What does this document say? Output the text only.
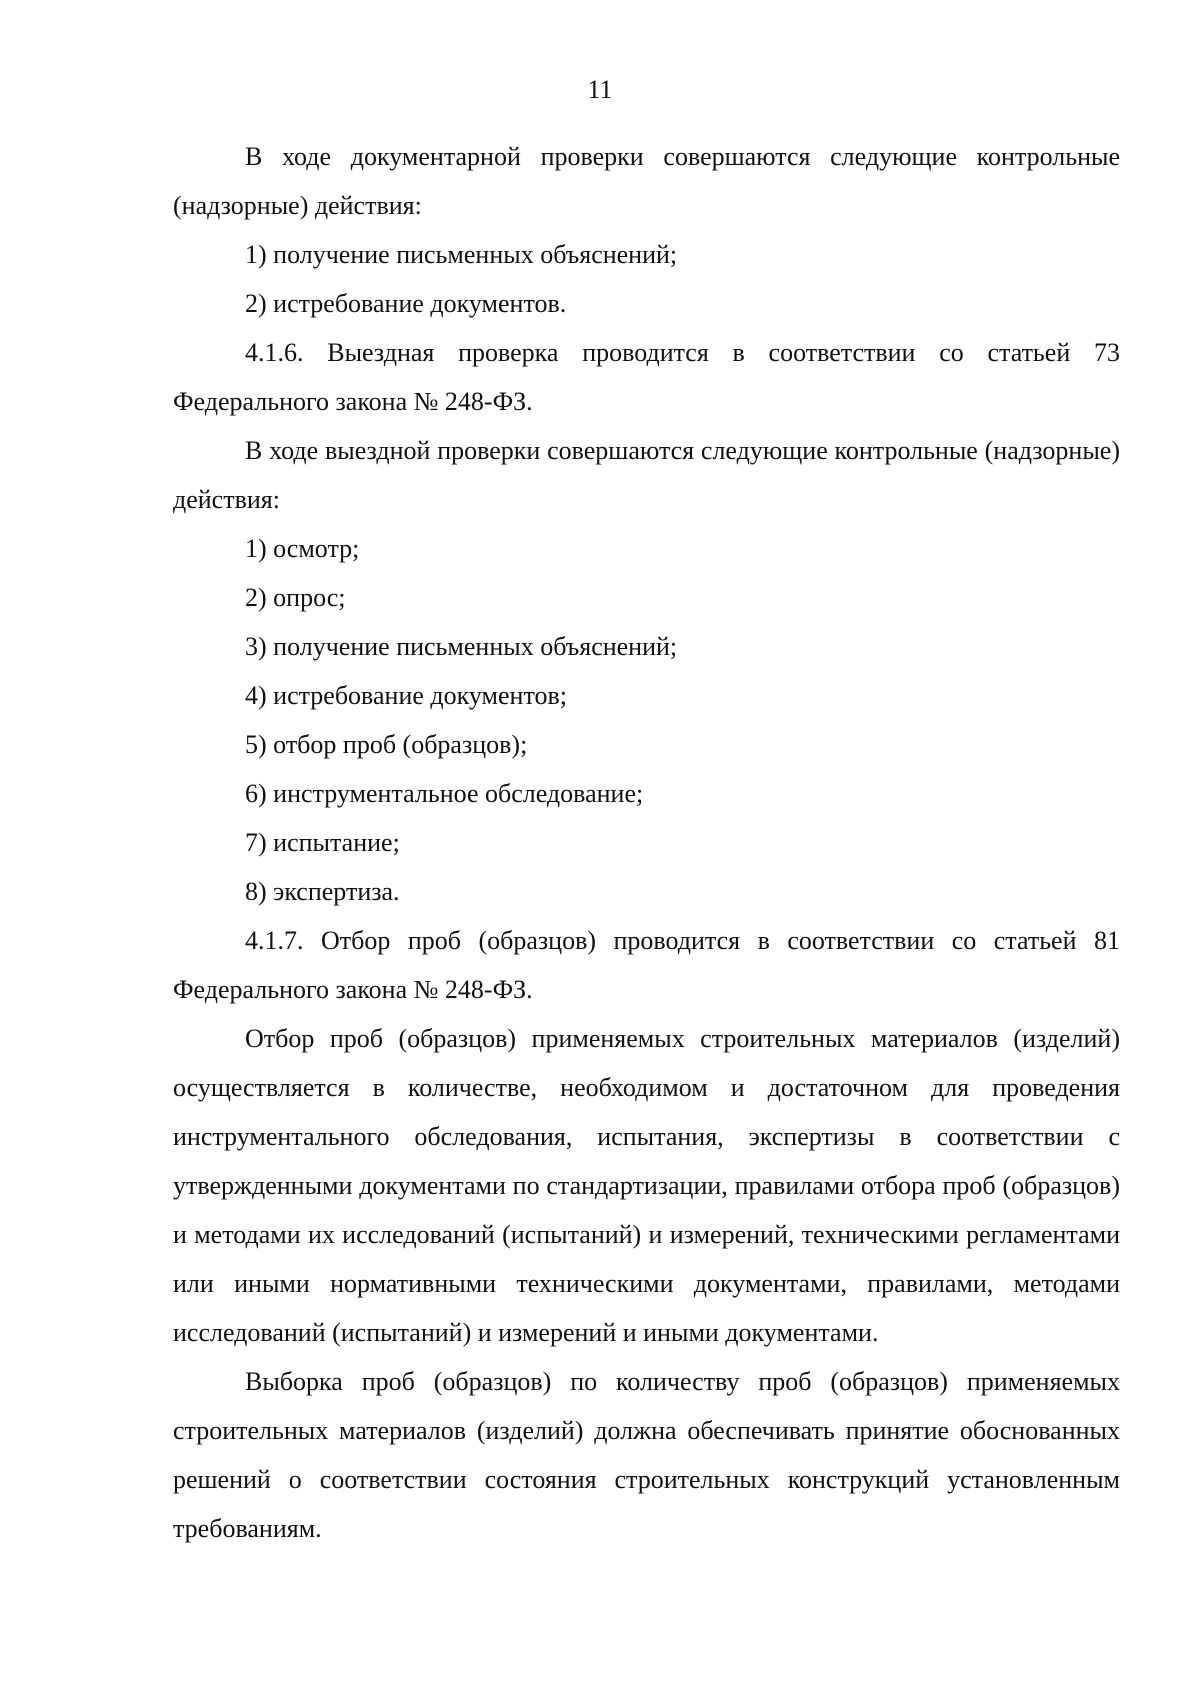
11

В ходе документарной проверки совершаются следующие контрольные (надзорные) действия:

1) получение письменных объяснений;

2) истребование документов.

4.1.6. Выездная проверка проводится в соответствии со статьей 73 Федерального закона № 248-ФЗ.

В ходе выездной проверки совершаются следующие контрольные (надзорные) действия:

1) осмотр;

2) опрос;

3) получение письменных объяснений;

4) истребование документов;

5) отбор проб (образцов);

6) инструментальное обследование;

7) испытание;

8) экспертиза.

4.1.7. Отбор проб (образцов) проводится в соответствии со статьей 81 Федерального закона № 248-ФЗ.

Отбор проб (образцов) применяемых строительных материалов (изделий) осуществляется в количестве, необходимом и достаточном для проведения инструментального обследования, испытания, экспертизы в соответствии с утвержденными документами по стандартизации, правилами отбора проб (образцов) и методами их исследований (испытаний) и измерений, техническими регламентами или иными нормативными техническими документами, правилами, методами исследований (испытаний) и измерений и иными документами.

Выборка проб (образцов) по количеству проб (образцов) применяемых строительных материалов (изделий) должна обеспечивать принятие обоснованных решений о соответствии состояния строительных конструкций установленным требованиям.
